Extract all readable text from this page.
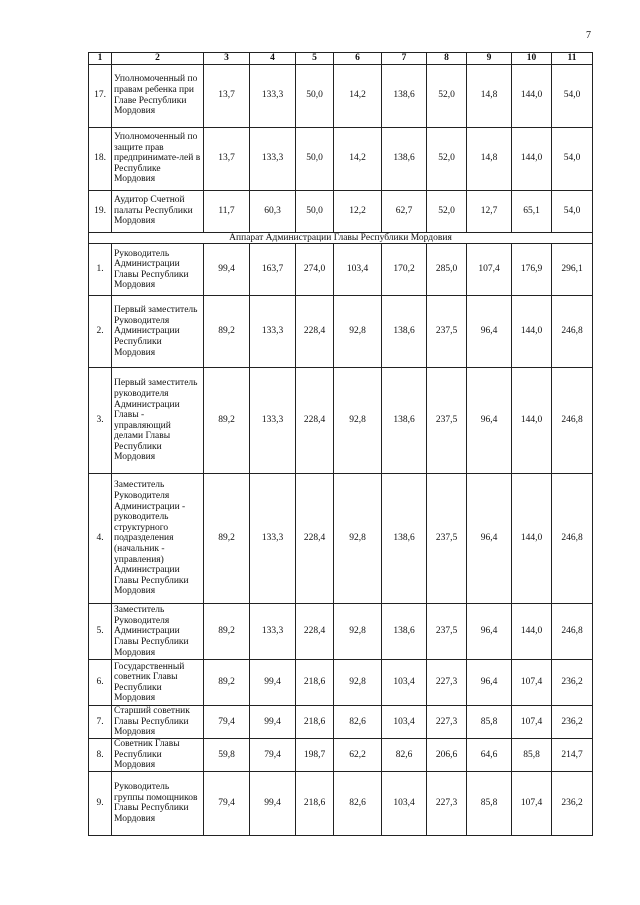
7
1	2	3	4	5	6	7	8	9	10	11
17.	Уполномоченный по правам ребенка при Главе Республики Мордовия	13,7	133,3	50,0	14,2	138,6	52,0	14,8	144,0	54,0
18.	Уполномоченный по защите прав предпринимате-лей в Республике Мордовия	13,7	133,3	50,0	14,2	138,6	52,0	14,8	144,0	54,0
19.	Аудитор Счетной палаты Республики Мордовия	11,7	60,3	50,0	12,2	62,7	52,0	12,7	65,1	54,0
Аппарат Администрации Главы Республики Мордовия										
1.	Руководитель Администрации Главы Республики Мордовия	99,4	163,7	274,0	103,4	170,2	285,0	107,4	176,9	296,1
2.	Первый заместитель Руководителя Администрации Республики Мордовия	89,2	133,3	228,4	92,8	138,6	237,5	96,4	144,0	246,8
3.	Первый заместитель руководителя Администрации Главы - управляющий делами Главы Республики Мордовия	89,2	133,3	228,4	92,8	138,6	237,5	96,4	144,0	246,8
4.	Заместитель Руководителя Администрации - руководитель структурного подразделения (начальник - управления) Администрации Главы Республики Мордовия	89,2	133,3	228,4	92,8	138,6	237,5	96,4	144,0	246,8
5.	Заместитель Руководителя Администрации Главы Республики Мордовия	89,2	133,3	228,4	92,8	138,6	237,5	96,4	144,0	246,8
6.	Государственный советник Главы Республики Мордовия	89,2	99,4	218,6	92,8	103,4	227,3	96,4	107,4	236,2
7.	Старший советник Главы Республики Мордовия	79,4	99,4	218,6	82,6	103,4	227,3	85,8	107,4	236,2
8.	Советник Главы Республики Мордовия	59,8	79,4	198,7	62,2	82,6	206,6	64,6	85,8	214,7
9.	Руководитель группы помощников Главы Республики Мордовия	79,4	99,4	218,6	82,6	103,4	227,3	85,8	107,4	236,2
